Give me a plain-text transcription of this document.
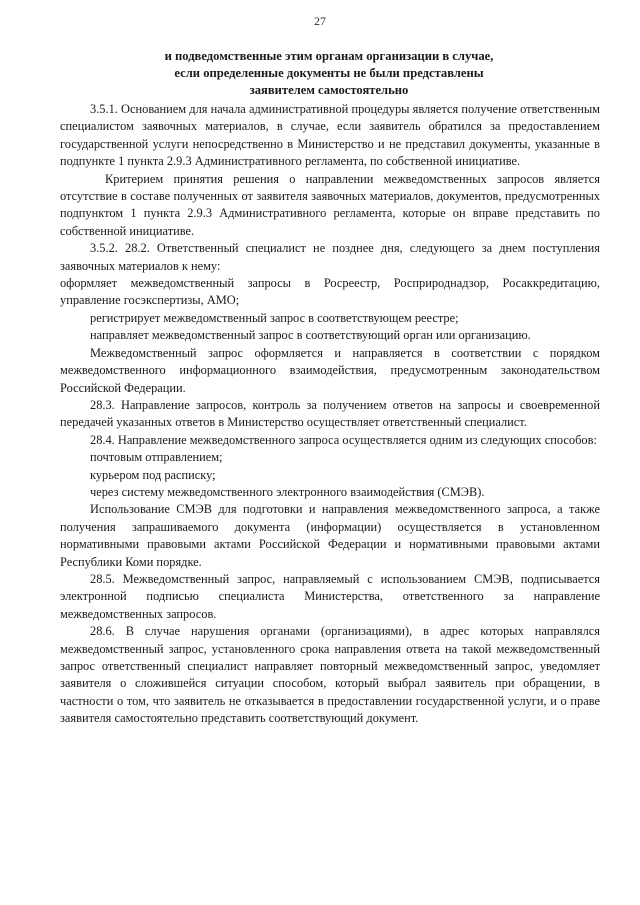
27
и подведомственные этим органам организации в случае,
если определенные документы не были представлены
заявителем самостоятельно

3.5.1. Основанием для начала административной процедуры является получение ответственным специалистом заявочных материалов, в случае, если заявитель обратился за предоставлением государственной услуги непосредственно в Министерство и не представил документы, указанные в подпункте 1 пункта 2.9.3 Административного регламента, по собственной инициативе.

Критерием принятия решения о направлении межведомственных запросов является отсутствие в составе полученных от заявителя заявочных материалов, документов, предусмотренных подпунктом 1 пункта 2.9.3 Административного регламента, которые он вправе представить по собственной инициативе.

3.5.2. 28.2. Ответственный специалист не позднее дня, следующего за днем поступления заявочных материалов к нему:

оформляет межведомственный запросы в Росреестр, Росприроднадзор, Росаккредитацию, управление госэкспертизы, АМО;

регистрирует межведомственный запрос в соответствующем реестре;

направляет межведомственный запрос в соответствующий орган или организацию.

Межведомственный запрос оформляется и направляется в соответствии с порядком межведомственного информационного взаимодействия, предусмотренным законодательством Российской Федерации.

28.3. Направление запросов, контроль за получением ответов на запросы и своевременной передачей указанных ответов в Министерство осуществляет ответственный специалист.

28.4. Направление межведомственного запроса осуществляется одним из следующих способов:

почтовым отправлением;

курьером под расписку;

через систему межведомственного электронного взаимодействия (СМЭВ).

Использование СМЭВ для подготовки и направления межведомственного запроса, а также получения запрашиваемого документа (информации) осуществляется в установленном нормативными правовыми актами Российской Федерации и нормативными правовыми актами Республики Коми порядке.

28.5. Межведомственный запрос, направляемый с использованием СМЭВ, подписывается электронной подписью специалиста Министерства, ответственного за направление межведомственных запросов.

28.6. В случае нарушения органами (организациями), в адрес которых направлялся межведомственный запрос, установленного срока направления ответа на такой межведомственный запрос ответственный специалист направляет повторный межведомственный запрос, уведомляет заявителя о сложившейся ситуации способом, который выбрал заявитель при обращении, в частности о том, что заявитель не отказывается в предоставлении государственной услуги, и о праве заявителя самостоятельно представить соответствующий документ.
